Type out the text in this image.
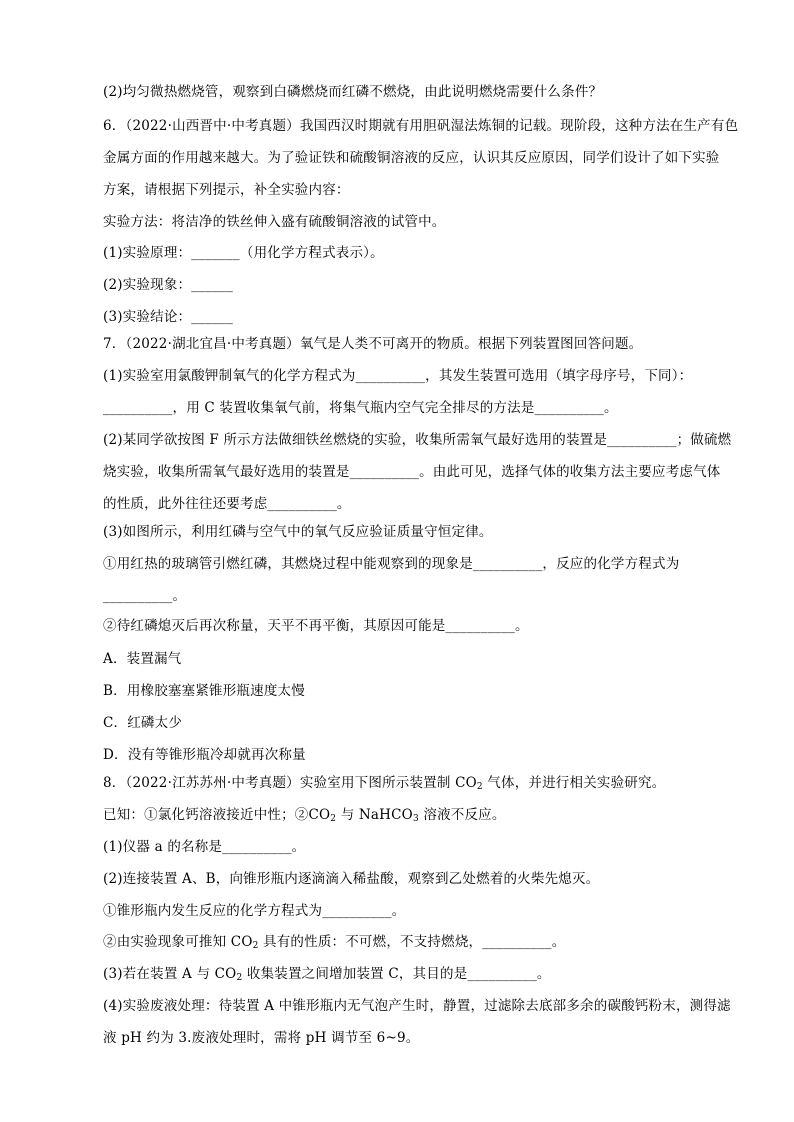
(2)均匀微热燃烧管，观察到白磷燃烧而红磷不燃烧，由此说明燃烧需要什么条件？
6．（2022·山西晋中·中考真题）我国西汉时期就有用胆矾湿法炼铜的记载。现阶段，这种方法在生产有色
金属方面的作用越来越大。为了验证铁和硫酸铜溶液的反应，认识其反应原因，同学们设计了如下实验
方案，请根据下列提示，补全实验内容：
实验方法：将洁净的铁丝伸入盛有硫酸铜溶液的试管中。
(1)实验原理：_______（用化学方程式表示）。
(2)实验现象：______
(3)实验结论：______
7．（2022·湖北宜昌·中考真题）氧气是人类不可离开的物质。根据下列装置图回答问题。
(1)实验室用氯酸钾制氧气的化学方程式为__________，其发生装置可选用（填字母序号，下同）：
__________，用 C 装置收集氧气前，将集气瓶内空气完全排尽的方法是__________。
(2)某同学欲按图 F 所示方法做细铁丝燃烧的实验，收集所需氧气最好选用的装置是__________；做硫燃
烧实验，收集所需氧气最好选用的装置是__________。由此可见，选择气体的收集方法主要应考虑气体
的性质，此外往往还要考虑__________。
(3)如图所示，利用红磷与空气中的氧气反应验证质量守恒定律。
①用红热的玻璃管引燃红磷，其燃烧过程中能观察到的现象是__________，反应的化学方程式为
__________。
②待红磷熄灭后再次称量，天平不再平衡，其原因可能是__________。
A．装置漏气
B．用橡胶塞塞紧锥形瓶速度太慢
C．红磷太少
D．没有等锥形瓶冷却就再次称量
8．（2022·江苏苏州·中考真题）实验室用下图所示装置制 $CO_2$ 气体，并进行相关实验研究。
已知：①氯化钙溶液接近中性；$②CO_2$ 与 NaHCO$_3$ 溶液不反应。
(1)仪器 a 的名称是__________。
(2)连接装置 A、B，向锥形瓶内逐滴滴入稀盐酸，观察到乙处燃着的火柴先熄灭。
①锥形瓶内发生反应的化学方程式为__________。
②由实验现象可推知 $CO_2$ 具有的性质：不可燃，不支持燃烧，__________。
(3)若在装置 A 与 $CO_2$ 收集装置之间增加装置 C，其目的是__________。
(4)实验废液处理：待装置 A 中锥形瓶内无气泡产生时，静置，过滤除去底部多余的碳酸钙粉末，测得滤
液 pH 约为 3.废液处理时，需将 pH 调节至 6~9。
